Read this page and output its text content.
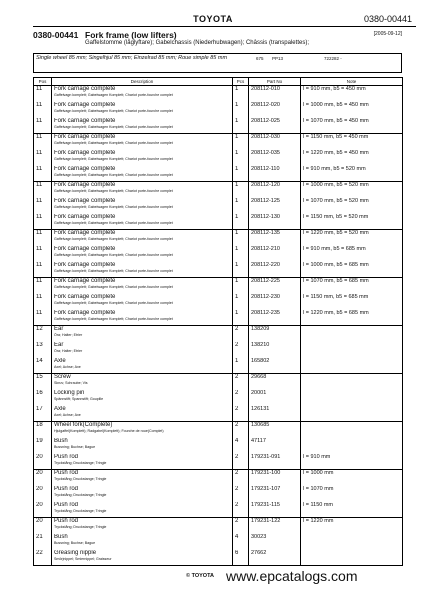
TOYOTA	0380-00441
0380-00441 Fork frame (low lifters)	[2005-09-12]
Gaffelstomme (låglyftare); Gabelchassis (Niederhubwagen); Châssis (transpalettes);
Single wheel 85 mm; Singelhjul 85 mm; Einzelrad 85 mm; Roue simple 85 mm	675 PP13	722282 -
Pos	Description	Pcs	Part No	Note
11	Fork carriage complete
Gaffelvagn komplett; Gabelwagen Komplett; Chariot porte-fourche complet	1	208112-010	l = 910 mm, b5 = 450 mm
11	Fork carriage complete
Gaffelvagn komplett; Gabelwagen Komplett; Chariot porte-fourche complet	1	208112-020	l = 1000 mm, b5 = 450 mm
11	Fork carriage complete
Gaffelvagn komplett; Gabelwagen Komplett; Chariot porte-fourche complet	1	208112-025	l = 1070 mm, b5 = 450 mm
11	Fork carriage complete
Gaffelvagn komplett; Gabelwagen Komplett; Chariot porte-fourche complet	1	208112-030	l = 1150 mm, b5 = 450 mm
11	Fork carriage complete
Gaffelvagn komplett; Gabelwagen Komplett; Chariot porte-fourche complet	1	208112-035	l = 1220 mm, b5 = 450 mm
11	Fork carriage complete
Gaffelvagn komplett; Gabelwagen Komplett; Chariot porte-fourche complet	1	208112-110	l = 910 mm, b5 = 520 mm
11	Fork carriage complete
Gaffelvagn komplett; Gabelwagen Komplett; Chariot porte-fourche complet	1	208112-120	l = 1000 mm, b5 = 520 mm
11	Fork carriage complete
Gaffelvagn komplett; Gabelwagen Komplett; Chariot porte-fourche complet	1	208112-125	l = 1070 mm, b5 = 520 mm
11	Fork carriage complete
Gaffelvagn komplett; Gabelwagen Komplett; Chariot porte-fourche complet	1	208112-130	l = 1150 mm, b5 = 520 mm
11	Fork carriage complete
Gaffelvagn komplett; Gabelwagen Komplett; Chariot porte-fourche complet	1	208112-135	l = 1220 mm, b5 = 520 mm
11	Fork carriage complete
Gaffelvagn komplett; Gabelwagen Komplett; Chariot porte-fourche complet	1	208112-210	l = 910 mm, b5 = 685 mm
11	Fork carriage complete
Gaffelvagn komplett; Gabelwagen Komplett; Chariot porte-fourche complet	1	208112-220	l = 1000 mm, b5 = 685 mm
11	Fork carriage complete
Gaffelvagn komplett; Gabelwagen Komplett; Chariot porte-fourche complet	1	208112-225	l = 1070 mm, b5 = 685 mm
11	Fork carriage complete
Gaffelvagn komplett; Gabelwagen Komplett; Chariot porte-fourche complet	1	208112-230	l = 1150 mm, b5 = 685 mm
11	Fork carriage complete
Gaffelvagn komplett; Gabelwagen Komplett; Chariot porte-fourche complet	1	208112-235	l = 1220 mm, b5 = 685 mm
12	Ear
Öra; Halter; Etrier	2	138209	
13	Ear
Öra; Halter; Etrier	2	138210	
14	Axle
Axel; Achse; Axe	1	165802	
15	Screw
Skruv; Schraube; Vis	2	29668	
16	Locking pin
Spännstift; Spannstift; Goupille	2	20001	
17	Axle
Axel; Achse; Axe	2	126131	
18	Wheel fork(Complete)
Hjulgaffel(Komplett); Radgabel(Komplett); Fourche de roue(Complet)	2	130685	
19	Bush
Bussning; Buchse; Bague	4	47117	
20	Push rod
Tryckstång; Druckstange; Tringle	2	179231-091	l = 910 mm
20	Push rod
Tryckstång; Druckstange; Tringle	2	179231-100	l = 1000 mm
20	Push rod
Tryckstång; Druckstange; Tringle	2	179231-107	l = 1070 mm
20	Push rod
Tryckstång; Druckstange; Tringle	2	179231-115	l = 1150 mm
20	Push rod
Tryckstång; Druckstange; Tringle	2	179231-122	l = 1220 mm
21	Bush
Bussning; Buchse; Bague	4	30023	
22	Greasing nipple
Smörjnippel; Smiernippel; Graisseur	6	27662	
© TOYOTA www.epcatalogs.com
